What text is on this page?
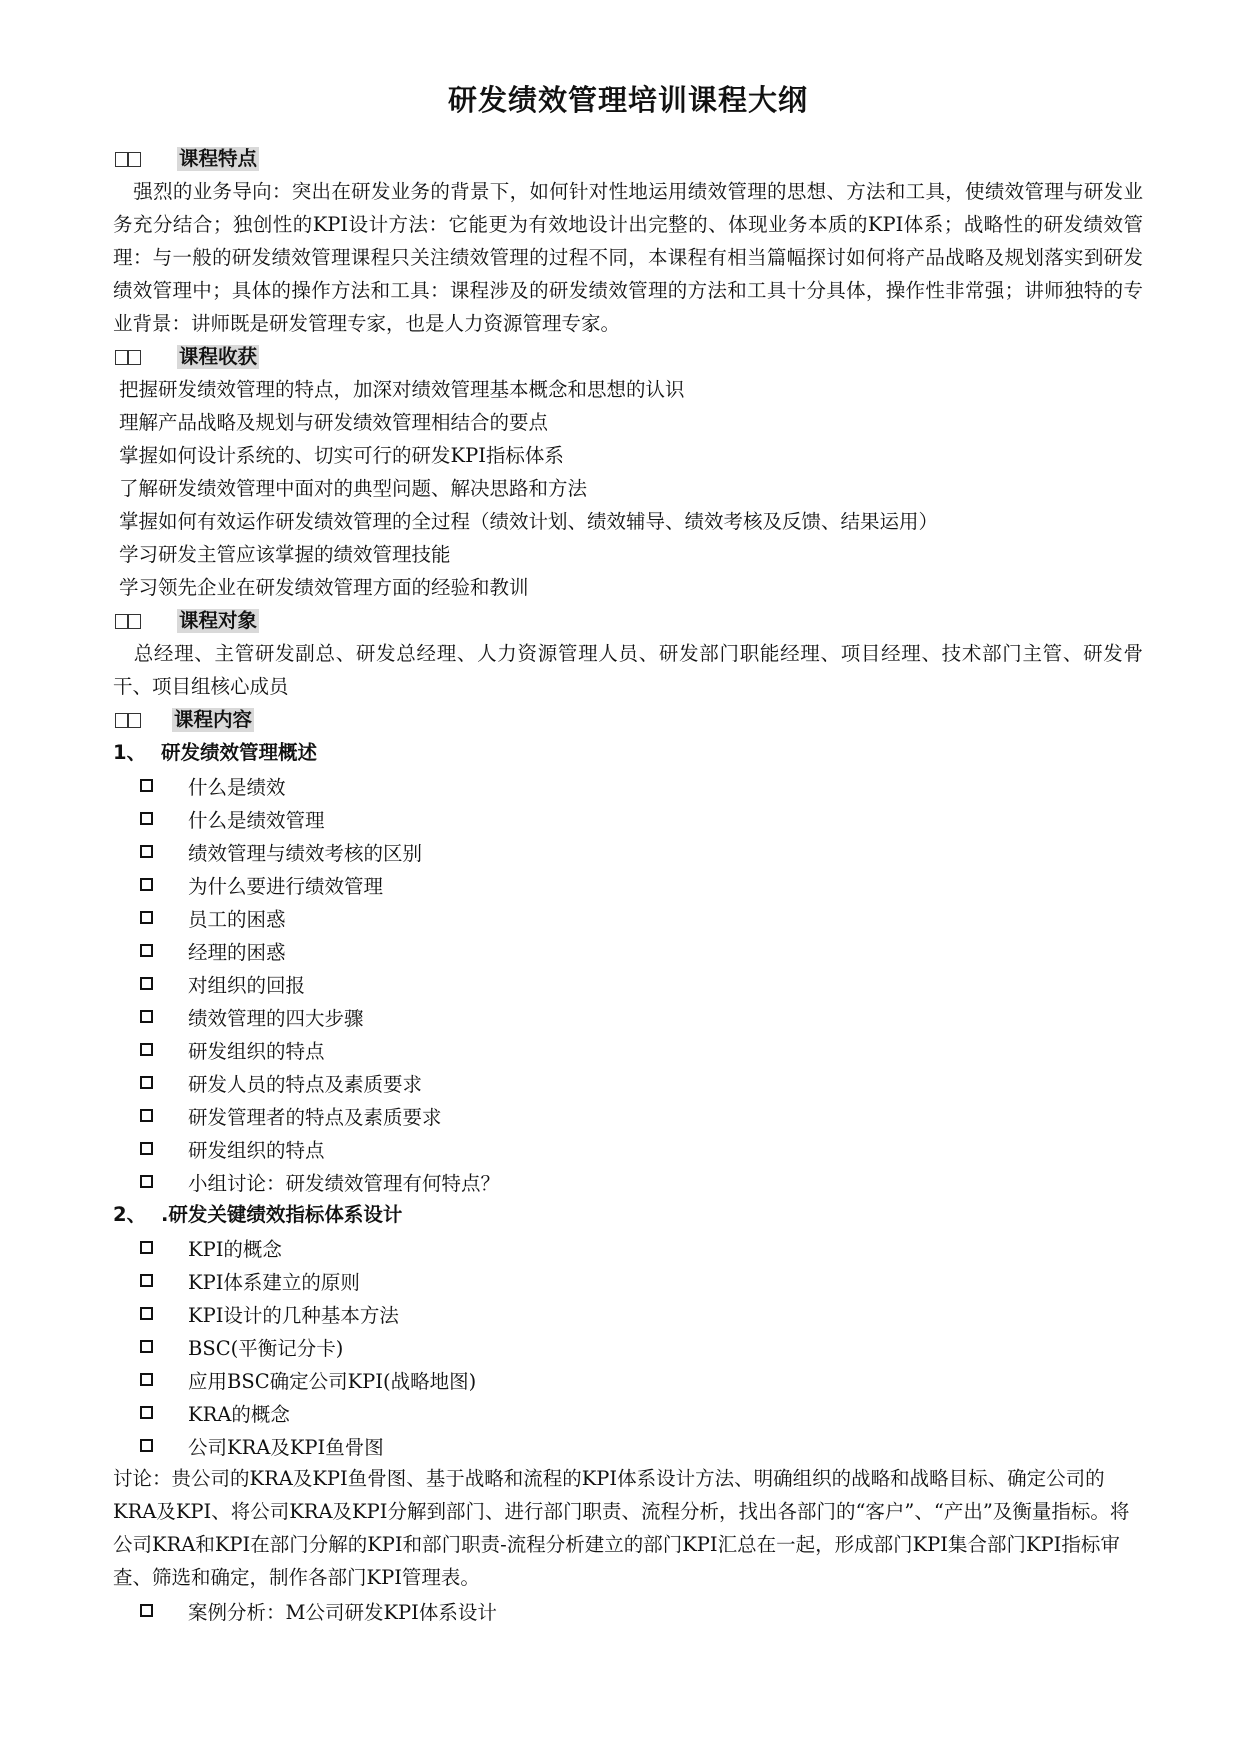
研发绩效管理培训课程大纲
课程特点
强烈的业务导向：突出在研发业务的背景下，如何针对性地运用绩效管理的思想、方法和工具，使绩效管理与研发业务充分结合；独创性的KPI设计方法：它能更为有效地设计出完整的、体现业务本质的KPI体系；战略性的研发绩效管理：与一般的研发绩效管理课程只关注绩效管理的过程不同，本课程有相当篇幅探讨如何将产品战略及规划落实到研发绩效管理中；具体的操作方法和工具：课程涉及的研发绩效管理的方法和工具十分具体，操作性非常强；讲师独特的专业背景：讲师既是研发管理专家，也是人力资源管理专家。
课程收获
把握研发绩效管理的特点，加深对绩效管理基本概念和思想的认识
理解产品战略及规划与研发绩效管理相结合的要点
掌握如何设计系统的、切实可行的研发KPI指标体系
了解研发绩效管理中面对的典型问题、解决思路和方法
掌握如何有效运作研发绩效管理的全过程（绩效计划、绩效辅导、绩效考核及反馈、结果运用）
学习研发主管应该掌握的绩效管理技能
学习领先企业在研发绩效管理方面的经验和教训
课程对象
总经理、主管研发副总、研发总经理、人力资源管理人员、研发部门职能经理、项目经理、技术部门主管、研发骨干、项目组核心成员
课程内容
1、 研发绩效管理概述
什么是绩效
什么是绩效管理
绩效管理与绩效考核的区别
为什么要进行绩效管理
员工的困惑
经理的困惑
对组织的回报
绩效管理的四大步骤
研发组织的特点
研发人员的特点及素质要求
研发管理者的特点及素质要求
研发组织的特点
小组讨论：研发绩效管理有何特点？
2、 .研发关键绩效指标体系设计
KPI的概念
KPI体系建立的原则
KPI设计的几种基本方法
BSC(平衡记分卡)
应用BSC确定公司KPI(战略地图)
KRA的概念
公司KRA及KPI鱼骨图
讨论：贵公司的KRA及KPI鱼骨图、基于战略和流程的KPI体系设计方法、明确组织的战略和战略目标、确定公司的KRA及KPI、将公司KRA及KPI分解到部门、进行部门职责、流程分析，找出各部门的“客户”、“产出”及衡量指标。将公司KRA和KPI在部门分解的KPI和部门职责-流程分析建立的部门KPI汇总在一起，形成部门KPI集合部门KPI指标审查、筛选和确定，制作各部门KPI管理表。
案例分析：M公司研发KPI体系设计
